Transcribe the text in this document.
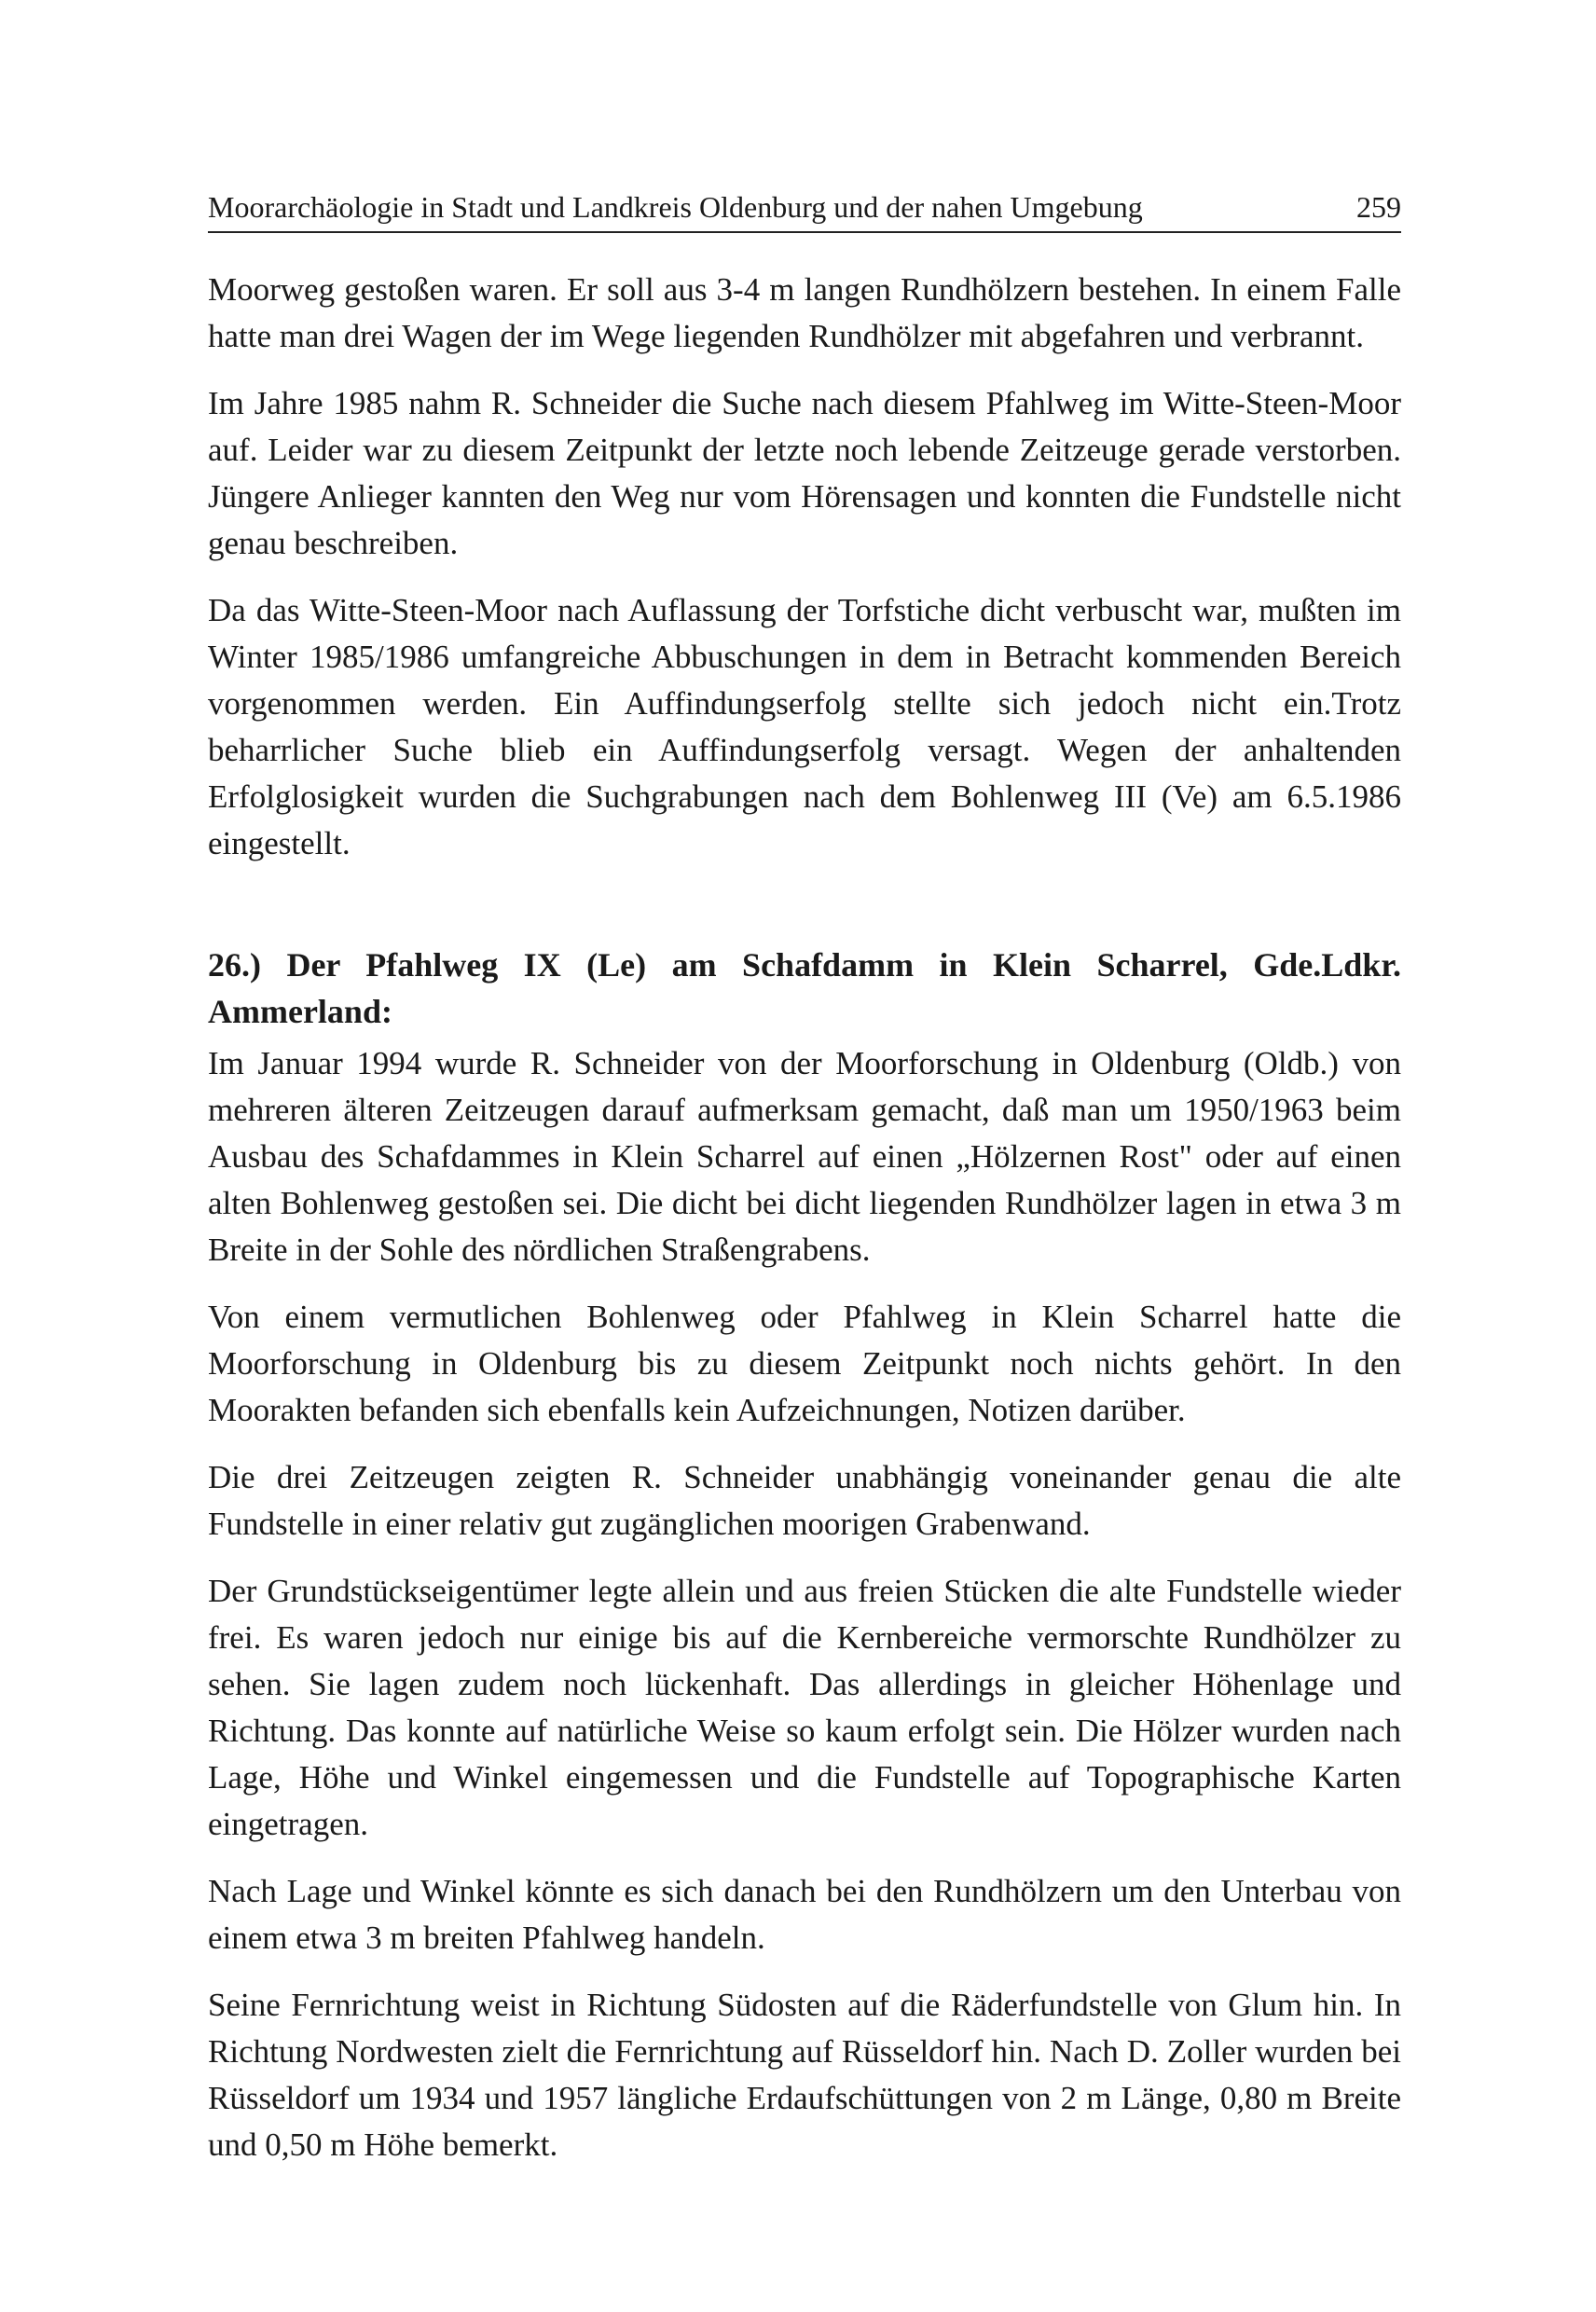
Moorarchäologie in Stadt und Landkreis Oldenburg und der nahen Umgebung	259

Moorweg gestoßen waren. Er soll aus 3-4 m langen Rundhölzern bestehen. In einem Falle hatte man drei Wagen der im Wege liegenden Rundhölzer mit abgefahren und verbrannt.

Im Jahre 1985 nahm R. Schneider die Suche nach diesem Pfahlweg im Witte-Steen-Moor auf. Leider war zu diesem Zeitpunkt der letzte noch lebende Zeitzeuge gerade verstorben. Jüngere Anlieger kannten den Weg nur vom Hörensagen und konnten die Fundstelle nicht genau beschreiben.

Da das Witte-Steen-Moor nach Auflassung der Torfstiche dicht verbuscht war, mußten im Winter 1985/1986 umfangreiche Abbuschungen in dem in Betracht kommenden Bereich vorgenommen werden. Ein Auffindungserfolg stellte sich jedoch nicht ein.Trotz beharrlicher Suche blieb ein Auffindungserfolg versagt. Wegen der anhaltenden Erfolglosigkeit wurden die Suchgrabungen nach dem Bohlenweg III (Ve) am 6.5.1986 eingestellt.

26.) Der Pfahlweg IX (Le) am Schafdamm in Klein Scharrel, Gde.Ldkr. Ammerland:

Im Januar 1994 wurde R. Schneider von der Moorforschung in Oldenburg (Oldb.) von mehreren älteren Zeitzeugen darauf aufmerksam gemacht, daß man um 1950/1963 beim Ausbau des Schafdammes in Klein Scharrel auf einen „Hölzernen Rost" oder auf einen alten Bohlenweg gestoßen sei. Die dicht bei dicht liegenden Rundhölzer lagen in etwa 3 m Breite in der Sohle des nördlichen Straßengrabens.

Von einem vermutlichen Bohlenweg oder Pfahlweg in Klein Scharrel hatte die Moorforschung in Oldenburg bis zu diesem Zeitpunkt noch nichts gehört. In den Moorakten befanden sich ebenfalls kein Aufzeichnungen, Notizen darüber.

Die drei Zeitzeugen zeigten R. Schneider unabhängig voneinander genau die alte Fundstelle in einer relativ gut zugänglichen moorigen Grabenwand.

Der Grundstückseigentümer legte allein und aus freien Stücken die alte Fundstelle wieder frei. Es waren jedoch nur einige bis auf die Kernbereiche vermorschte Rundhölzer zu sehen. Sie lagen zudem noch lückenhaft. Das allerdings in gleicher Höhenlage und Richtung. Das konnte auf natürliche Weise so kaum erfolgt sein. Die Hölzer wurden nach Lage, Höhe und Winkel eingemessen und die Fundstelle auf Topographische Karten eingetragen.

Nach Lage und Winkel könnte es sich danach bei den Rundhölzern um den Unterbau von einem etwa 3 m breiten Pfahlweg handeln.

Seine Fernrichtung weist in Richtung Südosten auf die Räderfundstelle von Glum hin. In Richtung Nordwesten zielt die Fernrichtung auf Rüsseldorf hin. Nach D. Zoller wurden bei Rüsseldorf um 1934 und 1957 längliche Erdaufschüttungen von 2 m Länge, 0,80 m Breite und 0,50 m Höhe bemerkt.
